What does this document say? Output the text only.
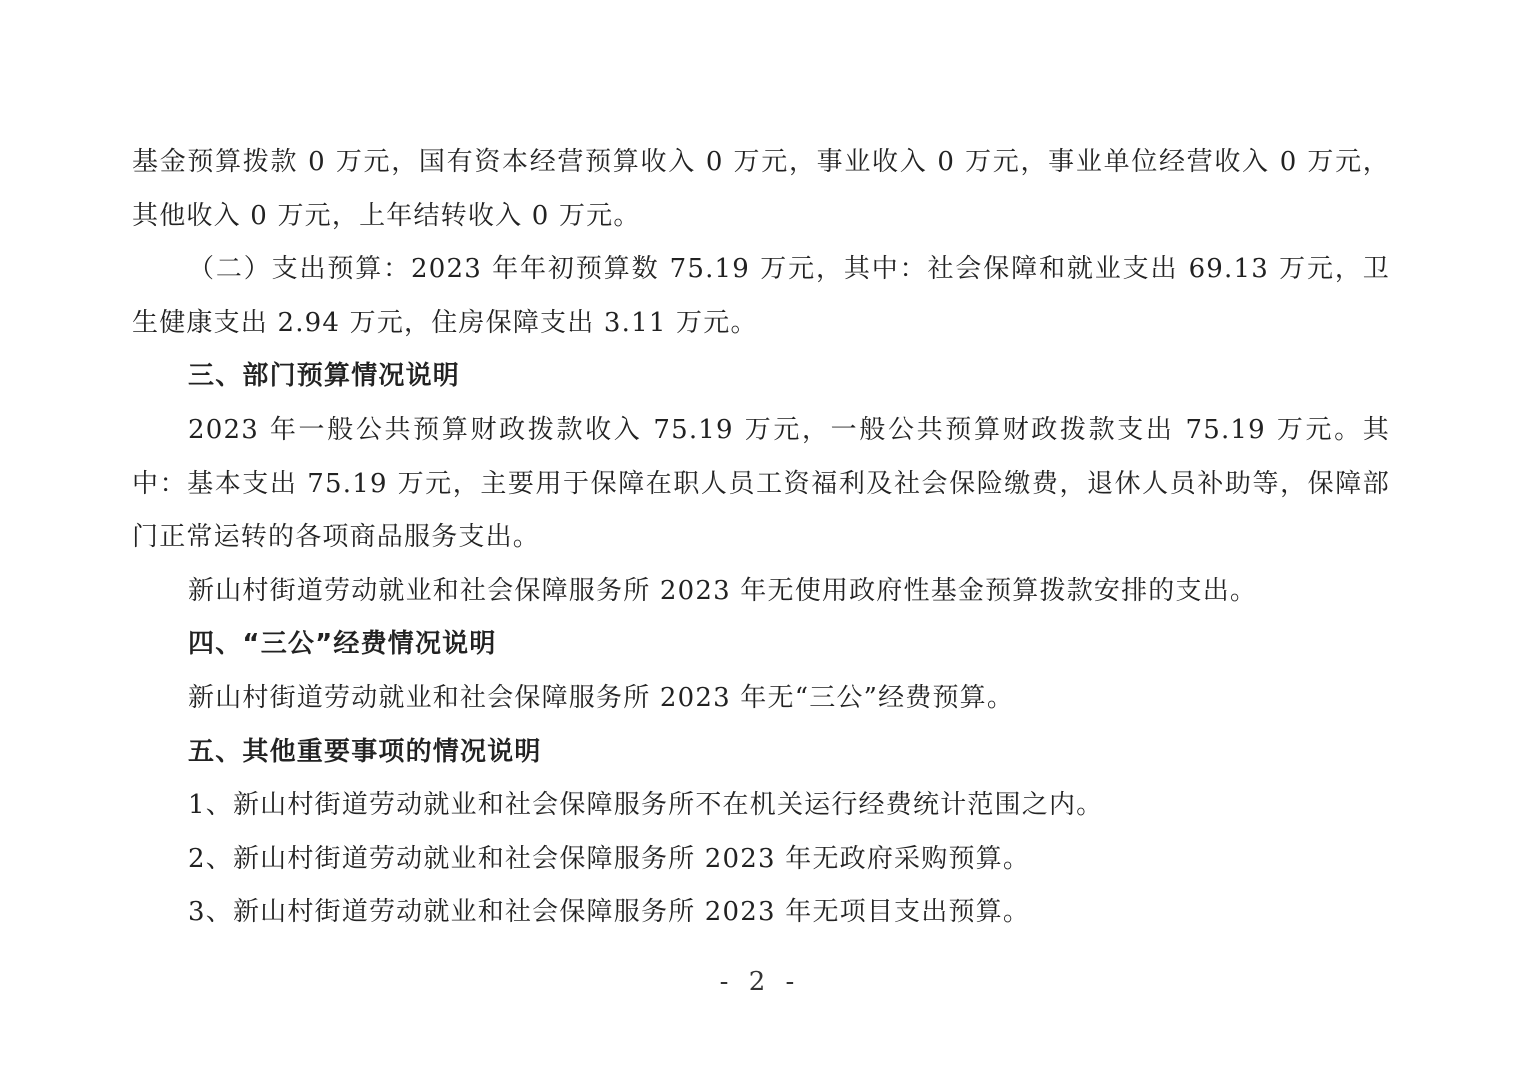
基金预算拨款 0 万元，国有资本经营预算收入 0 万元，事业收入 0 万元，事业单位经营收入 0 万元，其他收入 0 万元，上年结转收入 0 万元。

（二）支出预算：2023 年年初预算数 75.19 万元，其中：社会保障和就业支出 69.13 万元，卫生健康支出 2.94 万元，住房保障支出 3.11 万元。

三、部门预算情况说明

2023 年一般公共预算财政拨款收入 75.19 万元，一般公共预算财政拨款支出 75.19 万元。其中：基本支出 75.19 万元，主要用于保障在职人员工资福利及社会保险缴费，退休人员补助等，保障部门正常运转的各项商品服务支出。

新山村街道劳动就业和社会保障服务所 2023 年无使用政府性基金预算拨款安排的支出。

四、“三公”经费情况说明

新山村街道劳动就业和社会保障服务所 2023 年无“三公”经费预算。

五、其他重要事项的情况说明

1、新山村街道劳动就业和社会保障服务所不在机关运行经费统计范围之内。

2、新山村街道劳动就业和社会保障服务所 2023 年无政府采购预算。

3、新山村街道劳动就业和社会保障服务所 2023 年无项目支出预算。

- 2 -
